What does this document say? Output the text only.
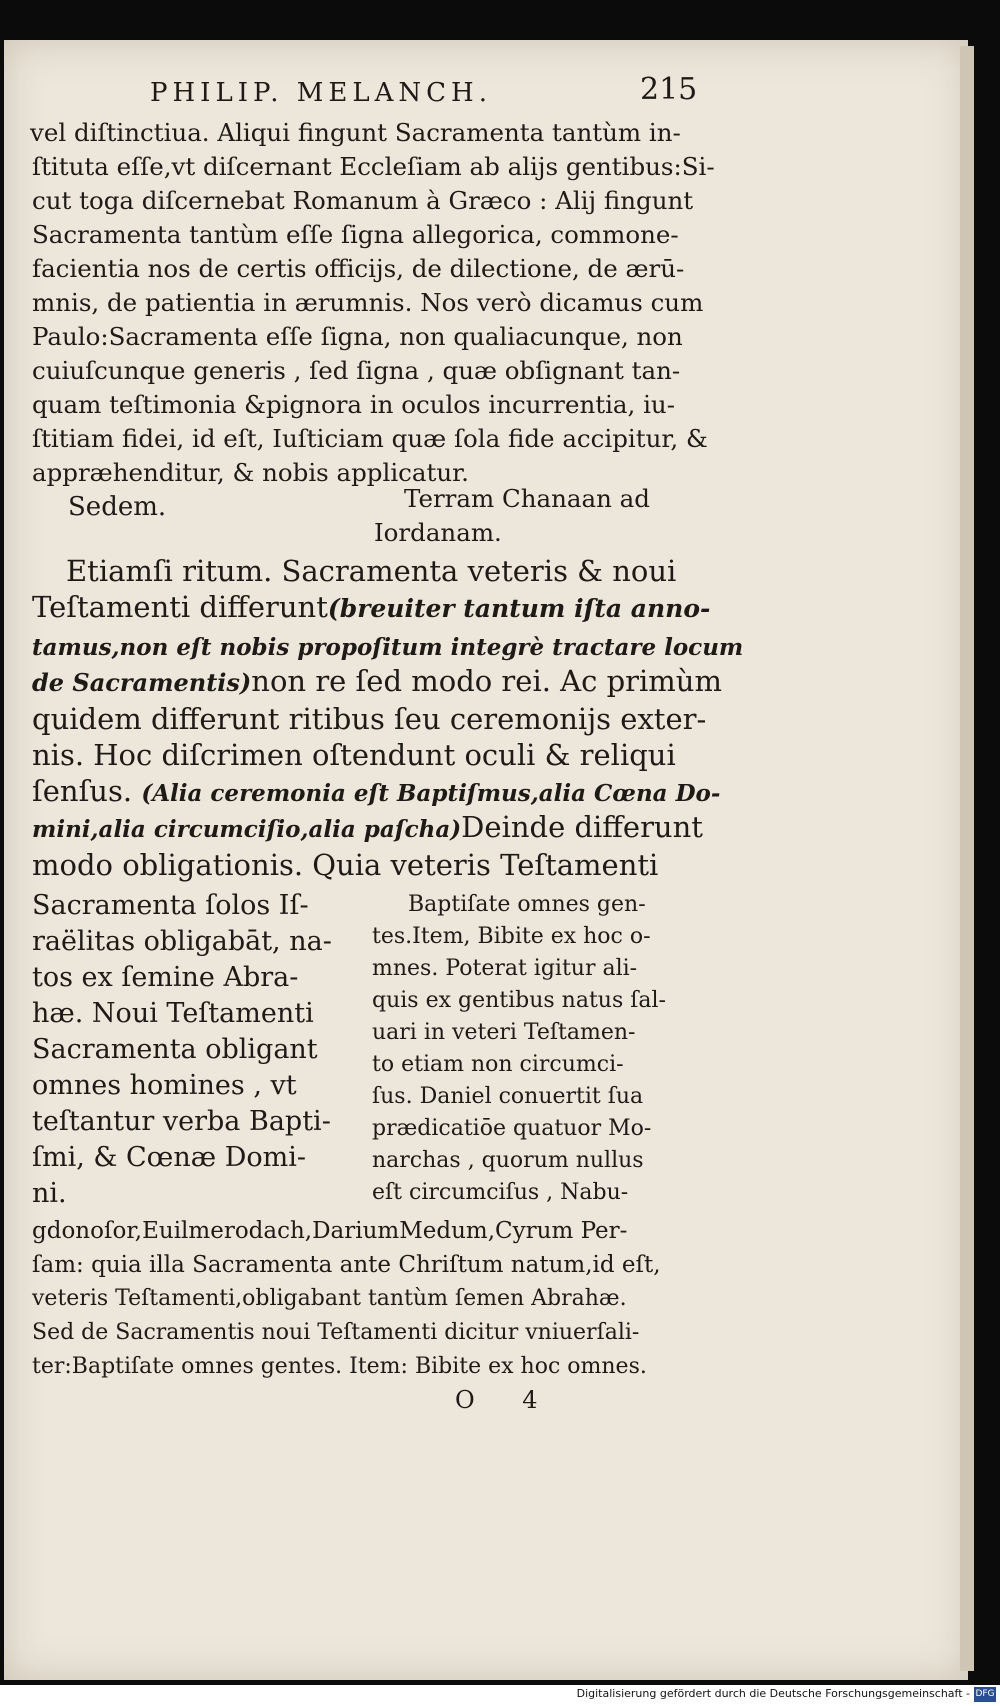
PHILIP. MELANCH.	215
vel diſtinctiua. Aliqui fingunt Sacramenta tantùm in-
ſtituta eſſe,vt diſcernant Eccleſiam ab alijs gentibus:Si-
cut toga diſcernebat Romanum à Græco : Alij fingunt
Sacramenta tantùm eſſe ſigna allegorica, commone-
facientia nos de certis officijs, de dilectione, de ærū-
mnis, de patientia in ærumnis. Nos verò dicamus cum
Paulo:Sacramenta eſſe ſigna, non qualiacunque, non
cuiuſcunque generis , ſed ſigna , quæ obſignant tan-
quam teſtimonia &pignora in oculos incurrentia, iu-
ſtitiam fidei, id eſt, Iuſticiam quæ ſola fide accipitur, &
appræhenditur, & nobis applicatur.
Sedem.	Terram Chanaan ad
Iordanam.
Etiamſi ritum. Sacramenta veteris & noui
Teſtamenti differunt(breuiter tantum iſta anno-
tamus,non eſt nobis propoſitum integrè tractare locum
de Sacramentis)non re ſed modo rei. Ac primùm
quidem differunt ritibus ſeu ceremonijs exter-
nis. Hoc diſcrimen oſtendunt oculi & reliqui
ſenſus. (Alia ceremonia eſt Baptiſmus,alia Cœna Do-
mini,alia circumciſio,alia paſcha)Deinde differunt
modo obligationis. Quia veteris Teſtamenti
Sacramenta ſolos Iſ-
raëlitas obligabāt, na-
tos ex ſemine Abra-
hæ. Noui Teſtamenti
Sacramenta obligant
omnes homines , vt
teſtantur verba Bapti-
ſmi, & Cœnæ Domi-
ni.
Baptiſate omnes gen-
tes.Item, Bibite ex hoc o-
mnes. Poterat igitur ali-
quis ex gentibus natus ſal-
uari in veteri Teſtamen-
to etiam non circumci-
ſus. Daniel conuertit ſua
prædicatiōe quatuor Mo-
narchas , quorum nullus
eſt circumciſus , Nabu-
gdonoſor,Euilmerodach,DariumMedum,Cyrum Per-
ſam: quia illa Sacramenta ante Chriſtum natum,id eſt,
veteris Teſtamenti,obligabant tantùm ſemen Abrahæ.
Sed de Sacramentis noui Teſtamenti dicitur vniuerſali-
ter:Baptiſate omnes gentes. Item: Bibite ex hoc omnes.
O 4
Digitalisierung gefördert durch die Deutsche Forschungsgemeinschaft - DFG
